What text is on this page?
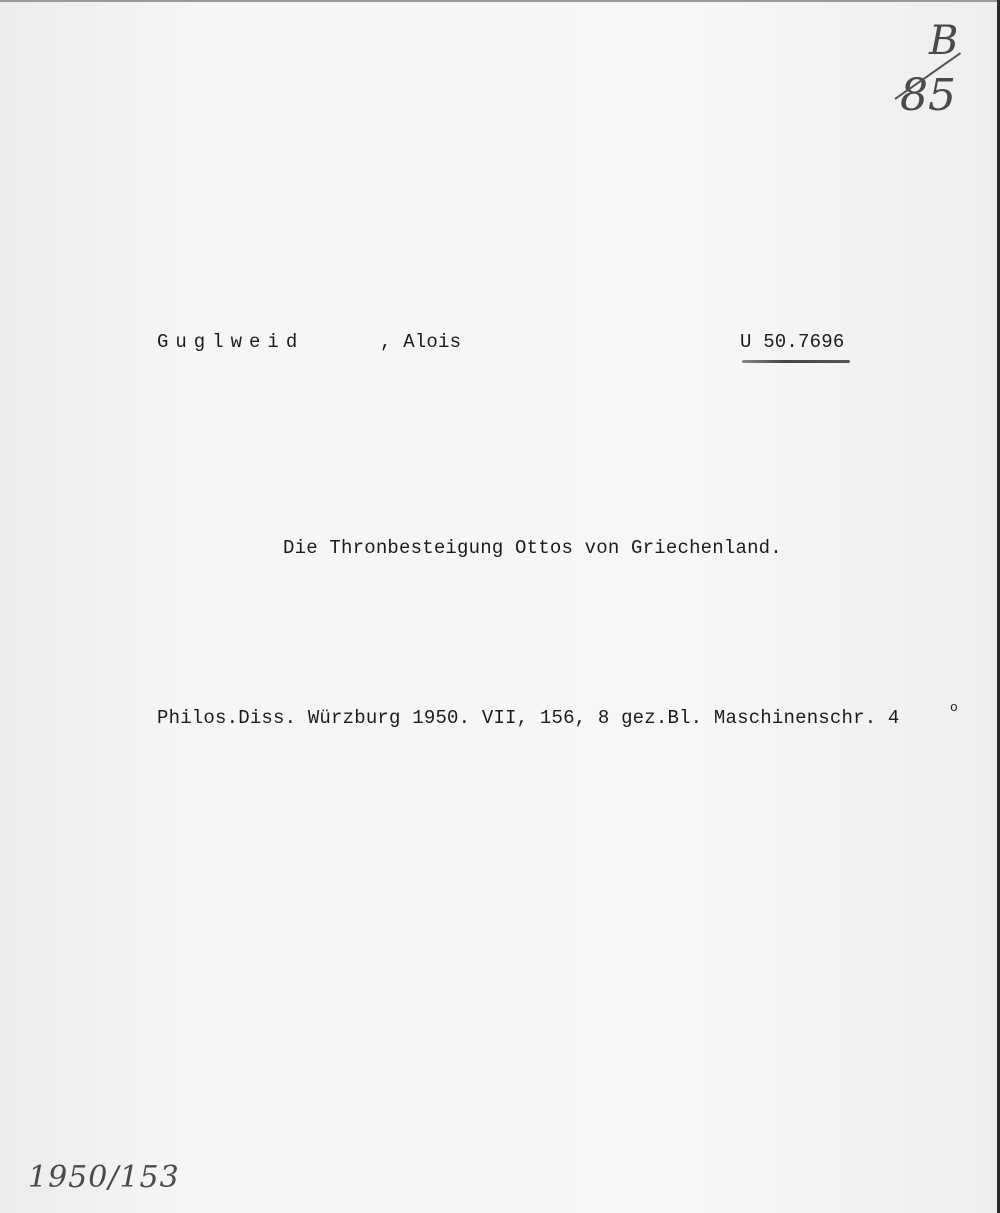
B
85
Guglweid	, Alois	U 50.7696
Die Thronbesteigung Ottos von Griechenland.
Philos.Diss. Würzburg 1950. VII, 156, 8 gez.Bl. Maschinenschr. 4	o
1950/153
